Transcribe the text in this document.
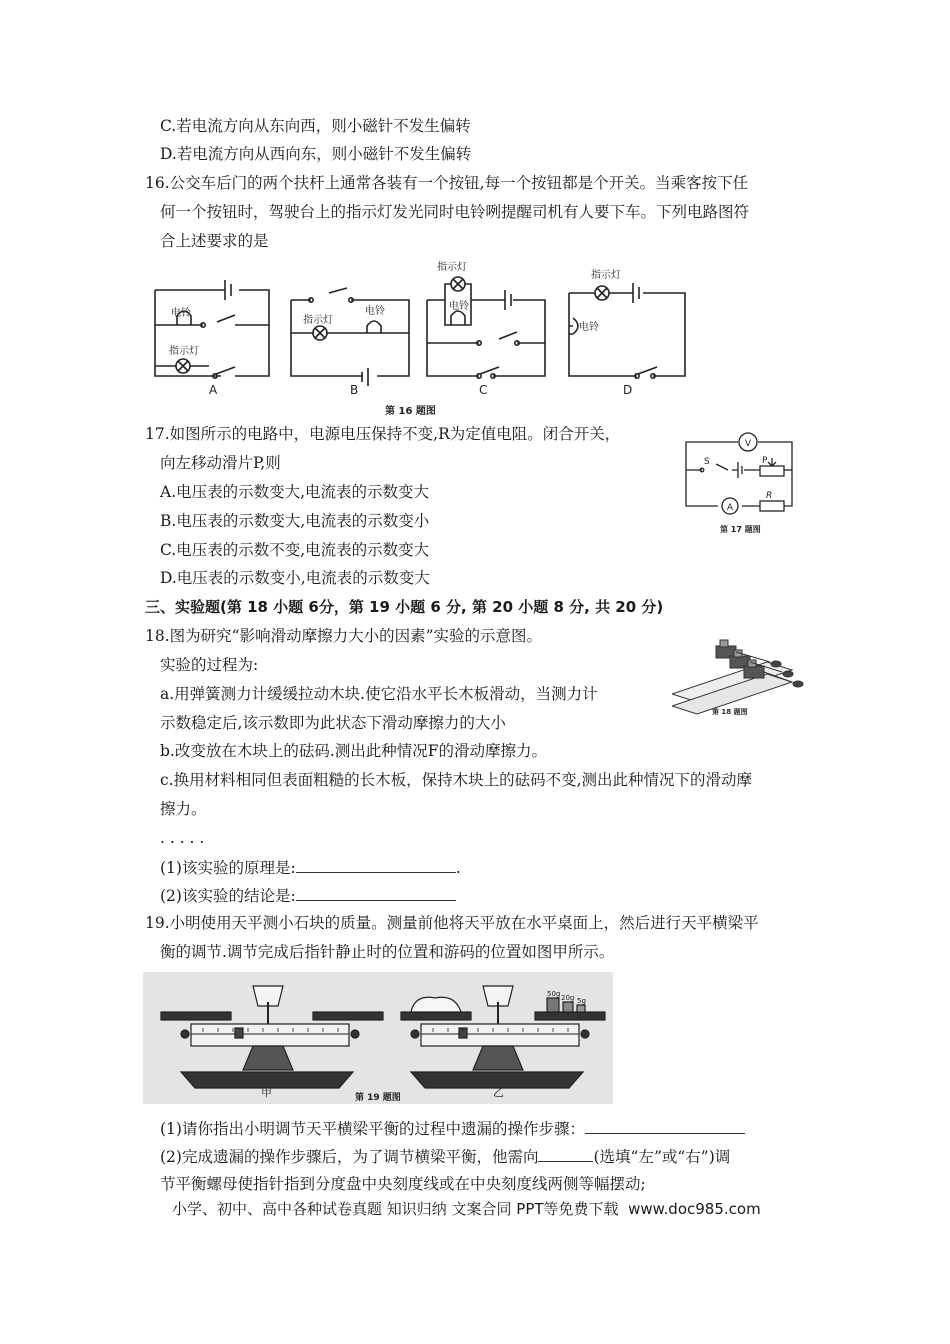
C.若电流方向从东向西，则小磁针不发生偏转
D.若电流方向从西向东，则小磁针不发生偏转
16.公交车后门的两个扶杆上通常各装有一个按钮,每一个按钮都是个开关。当乘客按下任
何一个按钮时，驾驶台上的指示灯发光同时电铃咧提醒司机有人要下车。下列电路图符
合上述要求的是
电铃
指示灯
指示灯
电铃
指示灯
电铃
指示灯
电铃
A	B	C	D
第 16 题图
17.如图所示的电路中，电源电压保持不变,R为定值电阻。闭合开关，
向左移动滑片P,则
A.电压表的示数变大,电流表的示数变大
B.电压表的示数变大,电流表的示数变小
C.电压表的示数不变,电流表的示数变大
D.电压表的示数变小,电流表的示数变大
V
S	P
A
R
第 17 题图
三、实验题(第 18 小题 6分，第 19 小题 6 分, 第 20 小题 8 分, 共 20 分)
18.图为研究“影响滑动摩擦力大小的因素”实验的示意图。
实验的过程为:
a.用弹簧测力计缓缓拉动木块.使它沿水平长木板滑动，当测力计
示数稳定后,该示数即为此状态下滑动摩擦力的大小
b.改变放在木块上的砝码.测出此种情况F的滑动摩擦力。
c.换用材料相同但表面粗糙的长木板，保持木块上的砝码不变,测出此种情况下的滑动摩
擦力。
. . . . .
(1)该实验的原理是:	.
(2)该实验的结论是:
第 18 题图
19.小明使用天平测小石块的质量。测量前他将天平放在水平桌面上，然后进行天平横梁平
衡的调节.调节完成后指针静止时的位置和游码的位置如图甲所示。
50g 20g 5g
甲	乙
第 19 题图
(1)请你指出小明调节天平横梁平衡的过程中遗漏的操作步骤：
(2)完成遗漏的操作步骤后，为了调节横梁平衡，他需向	(选填“左”或“右”)调
节平衡螺母使指针指到分度盘中央刻度线或在中央刻度线两侧等幅摆动;
小学、初中、高中各种试卷真题 知识归纳 文案合同 PPT等免费下载 www.doc985.com
